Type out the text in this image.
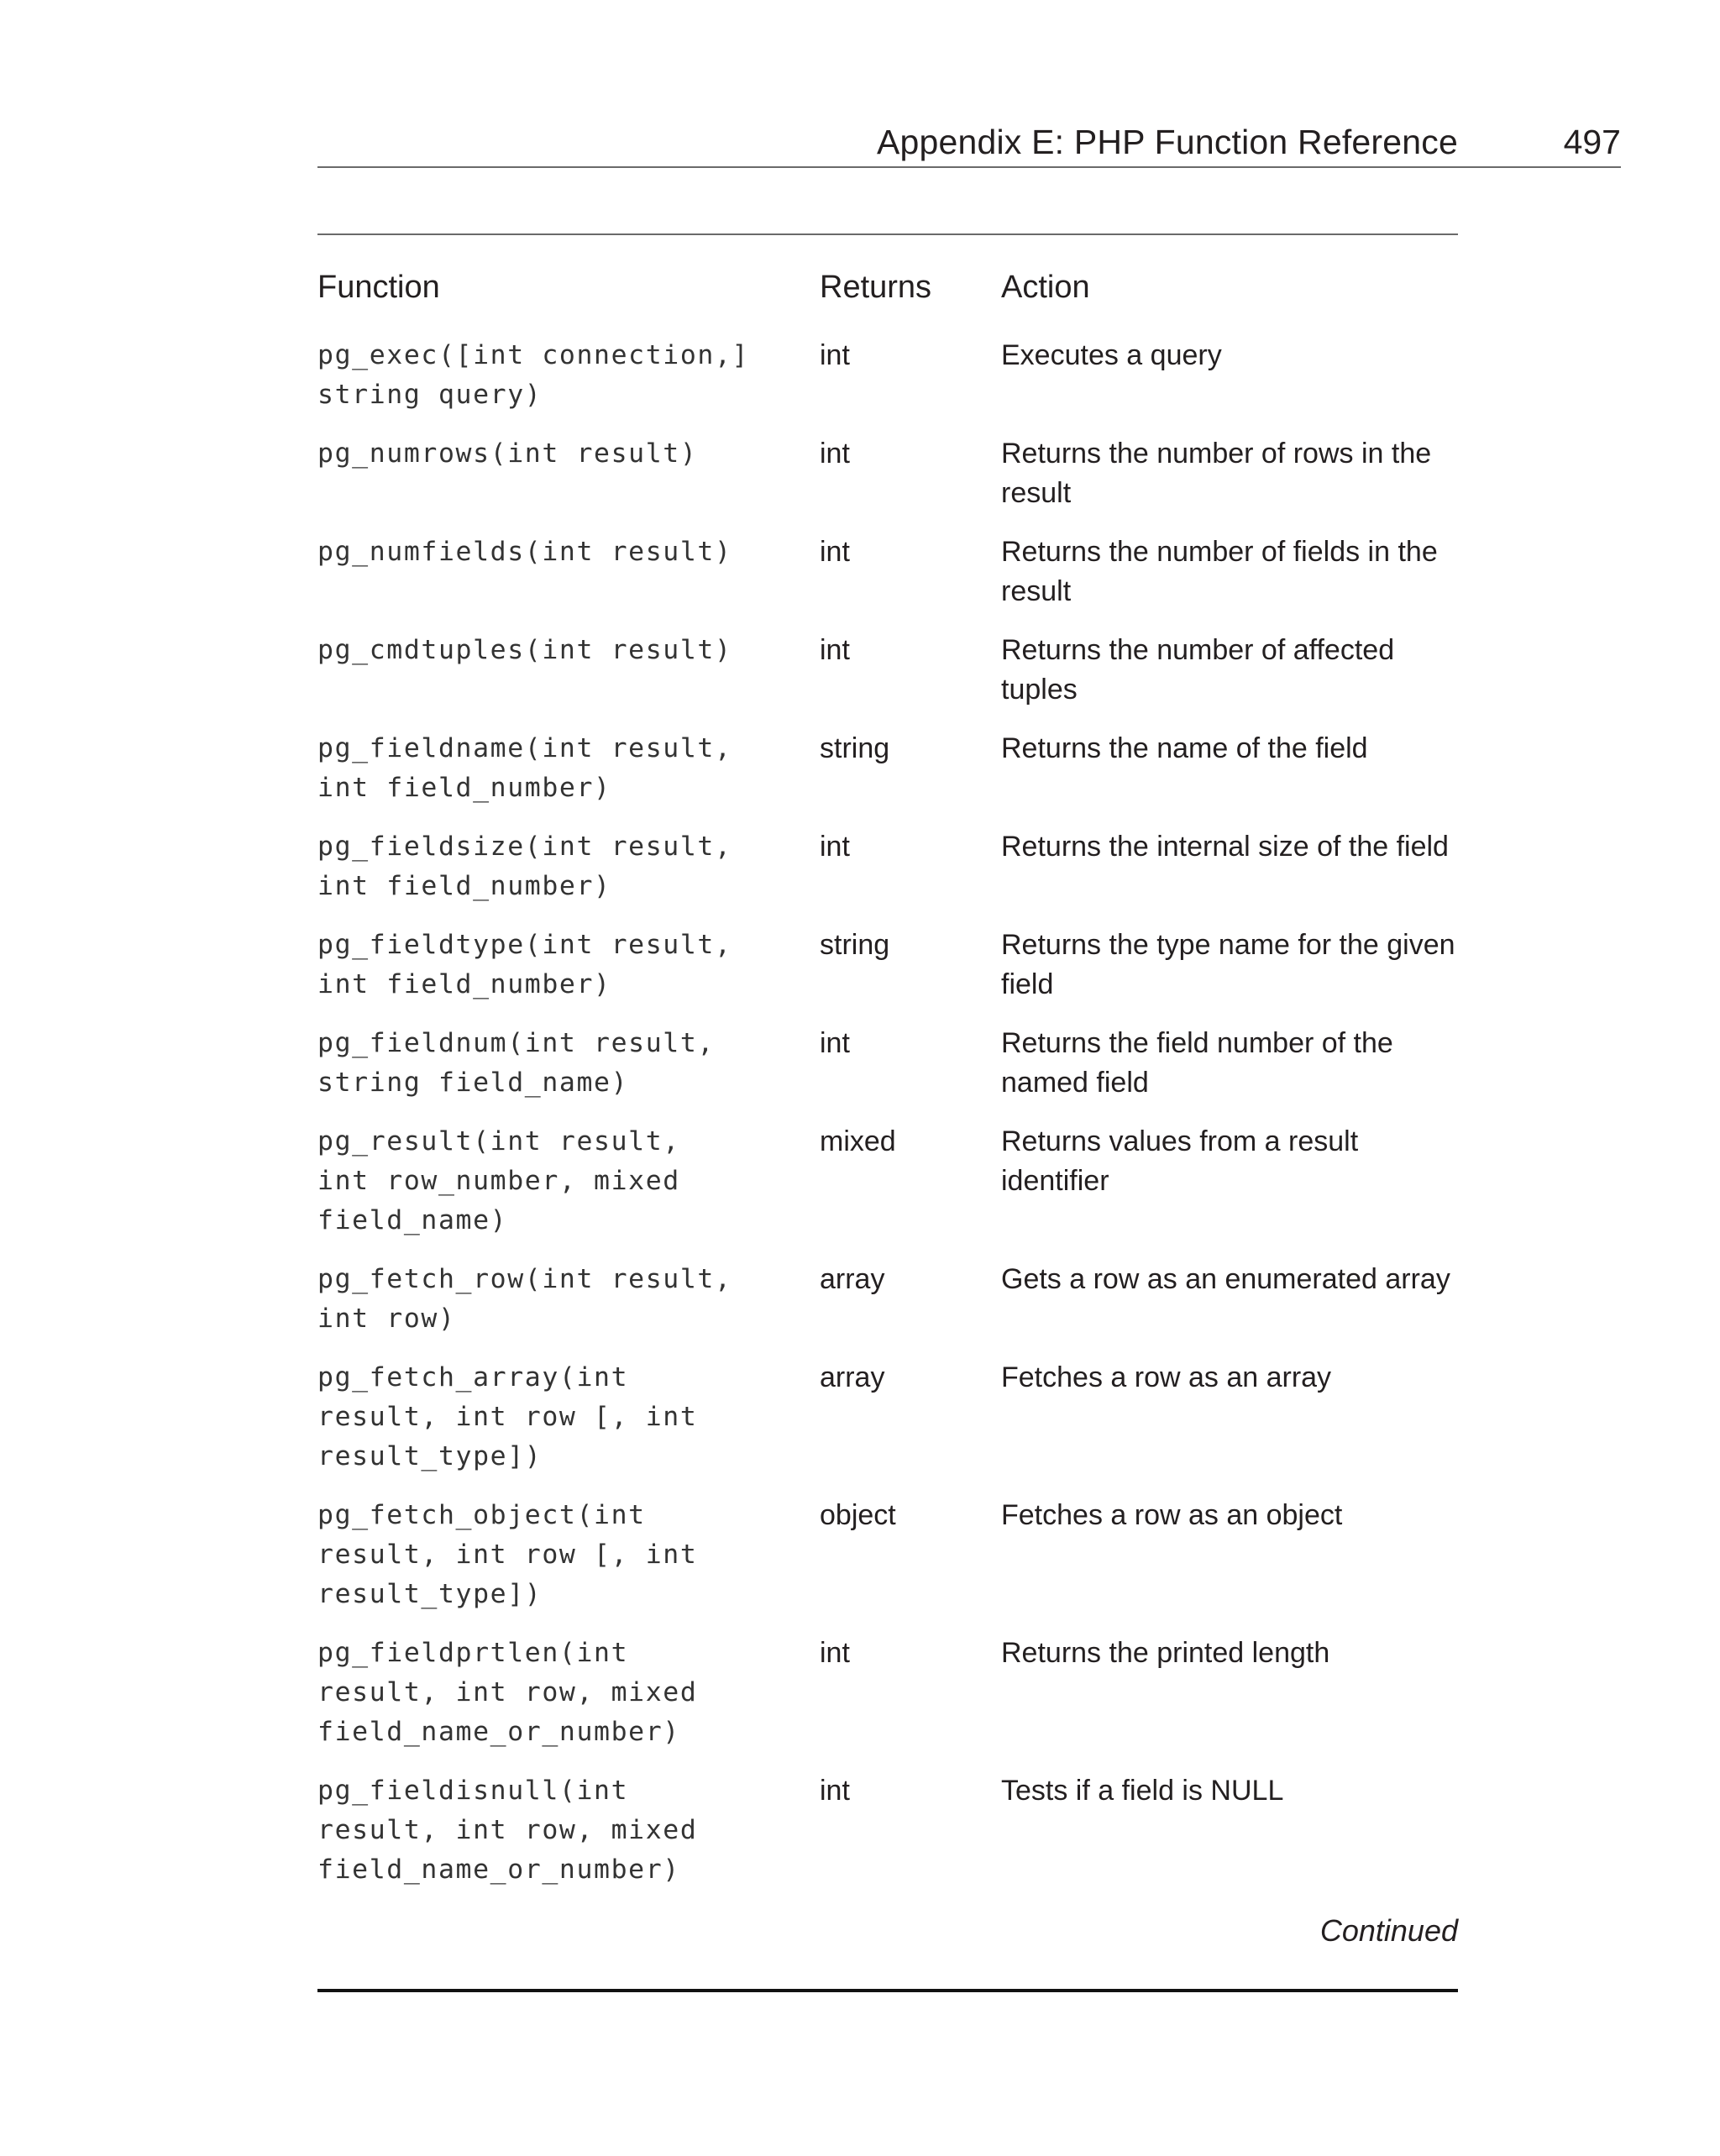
Appendix E: PHP Function Reference	497
Function	Returns	Action
pg_exec([int connection,]
string query)	int	Executes a query
pg_numrows(int result)	int	Returns the number of rows in the result
pg_numfields(int result)	int	Returns the number of fields in the result
pg_cmdtuples(int result)	int	Returns the number of affected tuples
pg_fieldname(int result,
int field_number)	string	Returns the name of the field
pg_fieldsize(int result,
int field_number)	int	Returns the internal size of the field
pg_fieldtype(int result,
int field_number)	string	Returns the type name for the given field
pg_fieldnum(int result,
string field_name)	int	Returns the field number of the named field
pg_result(int result,
int row_number, mixed
field_name)	mixed	Returns values from a result identifier
pg_fetch_row(int result,
int row)	array	Gets a row as an enumerated array
pg_fetch_array(int
result, int row [, int
result_type])	array	Fetches a row as an array
pg_fetch_object(int
result, int row [, int
result_type])	object	Fetches a row as an object
pg_fieldprtlen(int
result, int row, mixed
field_name_or_number)	int	Returns the printed length
pg_fieldisnull(int
result, int row, mixed
field_name_or_number)	int	Tests if a field is NULL
Continued
